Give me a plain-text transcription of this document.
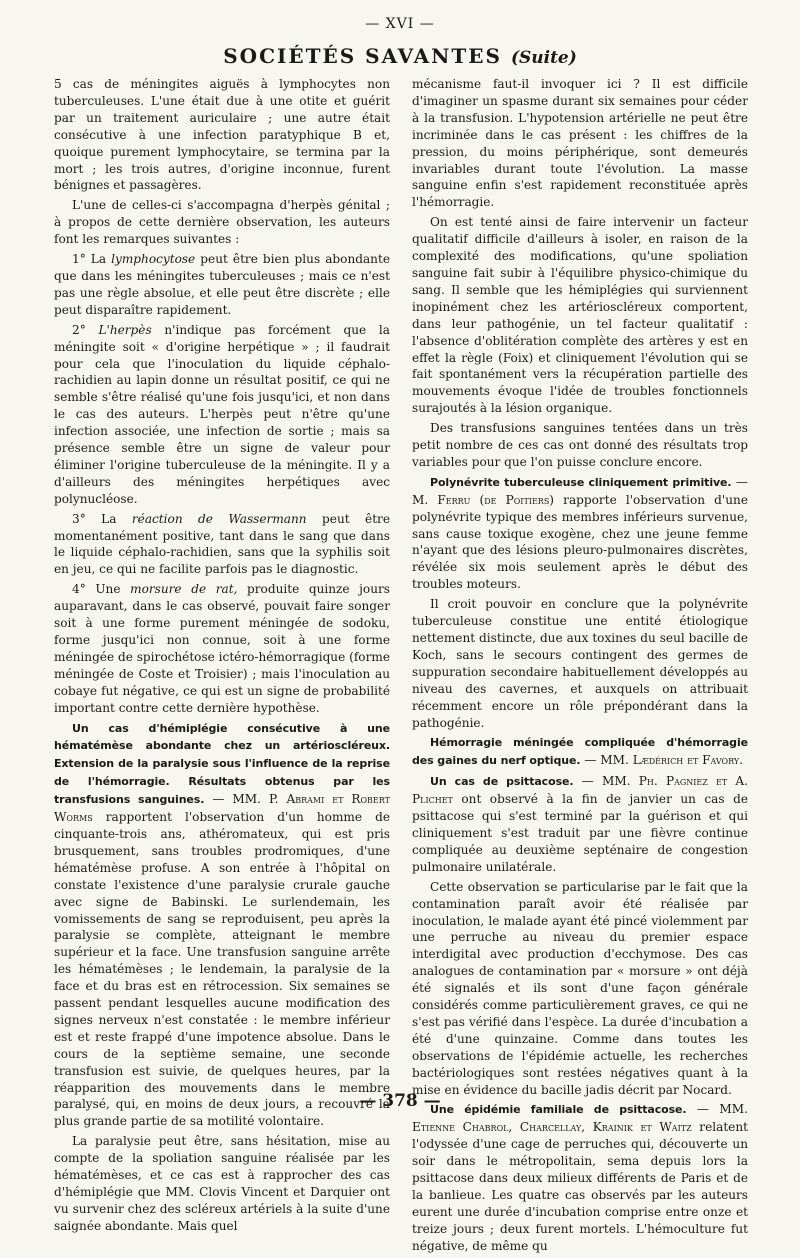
— XVI —
SOCIÉTÉS SAVANTES (Suite)

5 cas de méningites aiguës à lymphocytes non tuberculeuses. L'une était due à une otite et guérit par un traitement auriculaire ; une autre était consécutive à une infection paratyphique B et, quoique purement lymphocytaire, se termina par la mort ; les trois autres, d'origine inconnue, furent bénignes et passagères.

L'une de celles-ci s'accompagna d'herpès génital ; à propos de cette dernière observation, les auteurs font les remarques suivantes :

1° La lymphocytose peut être bien plus abondante que dans les méningites tuberculeuses ; mais ce n'est pas une règle absolue, et elle peut être discrète ; elle peut disparaître rapidement.

2° L'herpès n'indique pas forcément que la méningite soit « d'origine herpétique » ; il faudrait pour cela que l'inoculation du liquide céphalo-rachidien au lapin donne un résultat positif, ce qui ne semble s'être réalisé qu'une fois jusqu'ici, et non dans le cas des auteurs. L'herpès peut n'être qu'une infection associée, une infection de sortie ; mais sa présence semble être un signe de valeur pour éliminer l'origine tuberculeuse de la méningite. Il y a d'ailleurs des méningites herpétiques avec polynucléose.

3° La réaction de Wassermann peut être momentanément positive, tant dans le sang que dans le liquide céphalo-rachidien, sans que la syphilis soit en jeu, ce qui ne facilite parfois pas le diagnostic.

4° Une morsure de rat, produite quinze jours auparavant, dans le cas observé, pouvait faire songer soit à une forme purement méningée de sodoku, forme jusqu'ici non connue, soit à une forme méningée de spirochétose ictéro-hémorragique (forme méningée de Coste et Troisier) ; mais l'inoculation au cobaye fut négative, ce qui est un signe de probabilité important contre cette dernière hypothèse.

Un cas d'hémiplégie consécutive à une hématémèse abondante chez un artérioscléreux. Extension de la paralysie sous l'influence de la reprise de l'hémorragie. Résultats obtenus par les transfusions sanguines. — MM. P. Abrami et Robert Worms rapportent l'observation d'un homme de cinquante-trois ans, athéromateux, qui est pris brusquement, sans troubles prodromiques, d'une hématémèse profuse. A son entrée à l'hôpital on constate l'existence d'une paralysie crurale gauche avec signe de Babinski. Le surlendemain, les vomissements de sang se reproduisent, peu après la paralysie se complète, atteignant le membre supérieur et la face. Une transfusion sanguine arrête les hématémèses ; le lendemain, la paralysie de la face et du bras est en rétrocession. Six semaines se passent pendant lesquelles aucune modification des signes nerveux n'est constatée : le membre inférieur est et reste frappé d'une impotence absolue. Dans le cours de la septième semaine, une seconde transfusion est suivie, de quelques heures, par la réapparition des mouvements dans le membre paralysé, qui, en moins de deux jours, a recouvré la plus grande partie de sa motilité volontaire.

La paralysie peut être, sans hésitation, mise au compte de la spoliation sanguine réalisée par les hématémèses, et ce cas est à rapprocher des cas d'hémiplégie que MM. Clovis Vincent et Darquier ont vu survenir chez des scléreux artériels à la suite d'une saignée abondante. Mais quel

mécanisme faut-il invoquer ici ? Il est difficile d'imaginer un spasme durant six semaines pour céder à la transfusion. L'hypotension artérielle ne peut être incriminée dans le cas présent : les chiffres de la pression, du moins périphérique, sont demeurés invariables durant toute l'évolution. La masse sanguine enfin s'est rapidement reconstituée après l'hémorragie.

On est tenté ainsi de faire intervenir un facteur qualitatif difficile d'ailleurs à isoler, en raison de la complexité des modifications, qu'une spoliation sanguine fait subir à l'équilibre physico-chimique du sang. Il semble que les hémiplégies qui surviennent inopinément chez les artérioscléreux comportent, dans leur pathogénie, un tel facteur qualitatif : l'absence d'oblitération complète des artères y est en effet la règle (Foix) et cliniquement l'évolution qui se fait spontanément vers la récupération partielle des mouvements évoque l'idée de troubles fonctionnels surajoutés à la lésion organique.

Des transfusions sanguines tentées dans un très petit nombre de ces cas ont donné des résultats trop variables pour que l'on puisse conclure encore.

Polynévrite tuberculeuse cliniquement primitive. — M. Ferru (de Poitiers) rapporte l'observation d'une polynévrite typique des membres inférieurs survenue, sans cause toxique exogène, chez une jeune femme n'ayant que des lésions pleuro-pulmonaires discrètes, révélée six mois seulement après le début des troubles moteurs.

Il croit pouvoir en conclure que la polynévrite tuberculeuse constitue une entité étiologique nettement distincte, due aux toxines du seul bacille de Koch, sans le secours contingent des germes de suppuration secondaire habituellement développés au niveau des cavernes, et auxquels on attribuait récemment encore un rôle prépondérant dans la pathogénie.

Hémorragie méningée compliquée d'hémorragie des gaines du nerf optique. — MM. Lædérich et Favory.

Un cas de psittacose. — MM. Ph. Pagniez et A. Plichet ont observé à la fin de janvier un cas de psittacose qui s'est terminé par la guérison et qui cliniquement s'est traduit par une fièvre continue compliquée au deuxième septénaire de congestion pulmonaire unilatérale.

Cette observation se particularise par le fait que la contamination paraît avoir été réalisée par inoculation, le malade ayant été pincé violemment par une perruche au niveau du premier espace interdigital avec production d'ecchymose. Des cas analogues de contamination par « morsure » ont déjà été signalés et ils sont d'une façon générale considérés comme particulièrement graves, ce qui ne s'est pas vérifié dans l'espèce. La durée d'incubation a été d'une quinzaine. Comme dans toutes les observations de l'épidémie actuelle, les recherches bactériologiques sont restées négatives quant à la mise en évidence du bacille jadis décrit par Nocard.

Une épidémie familiale de psittacose. — MM. Etienne Chabrol, Charcellay, Krainik et Waitz relatent l'odyssée d'une cage de perruches qui, découverte un soir dans le métropolitain, sema depuis lors la psittacose dans deux milieux différents de Paris et de la banlieue. Les quatre cas observés par les auteurs eurent une durée d'incubation comprise entre onze et treize jours ; deux furent mortels. L'hémoculture fut négative, de même qu

— 378 —
